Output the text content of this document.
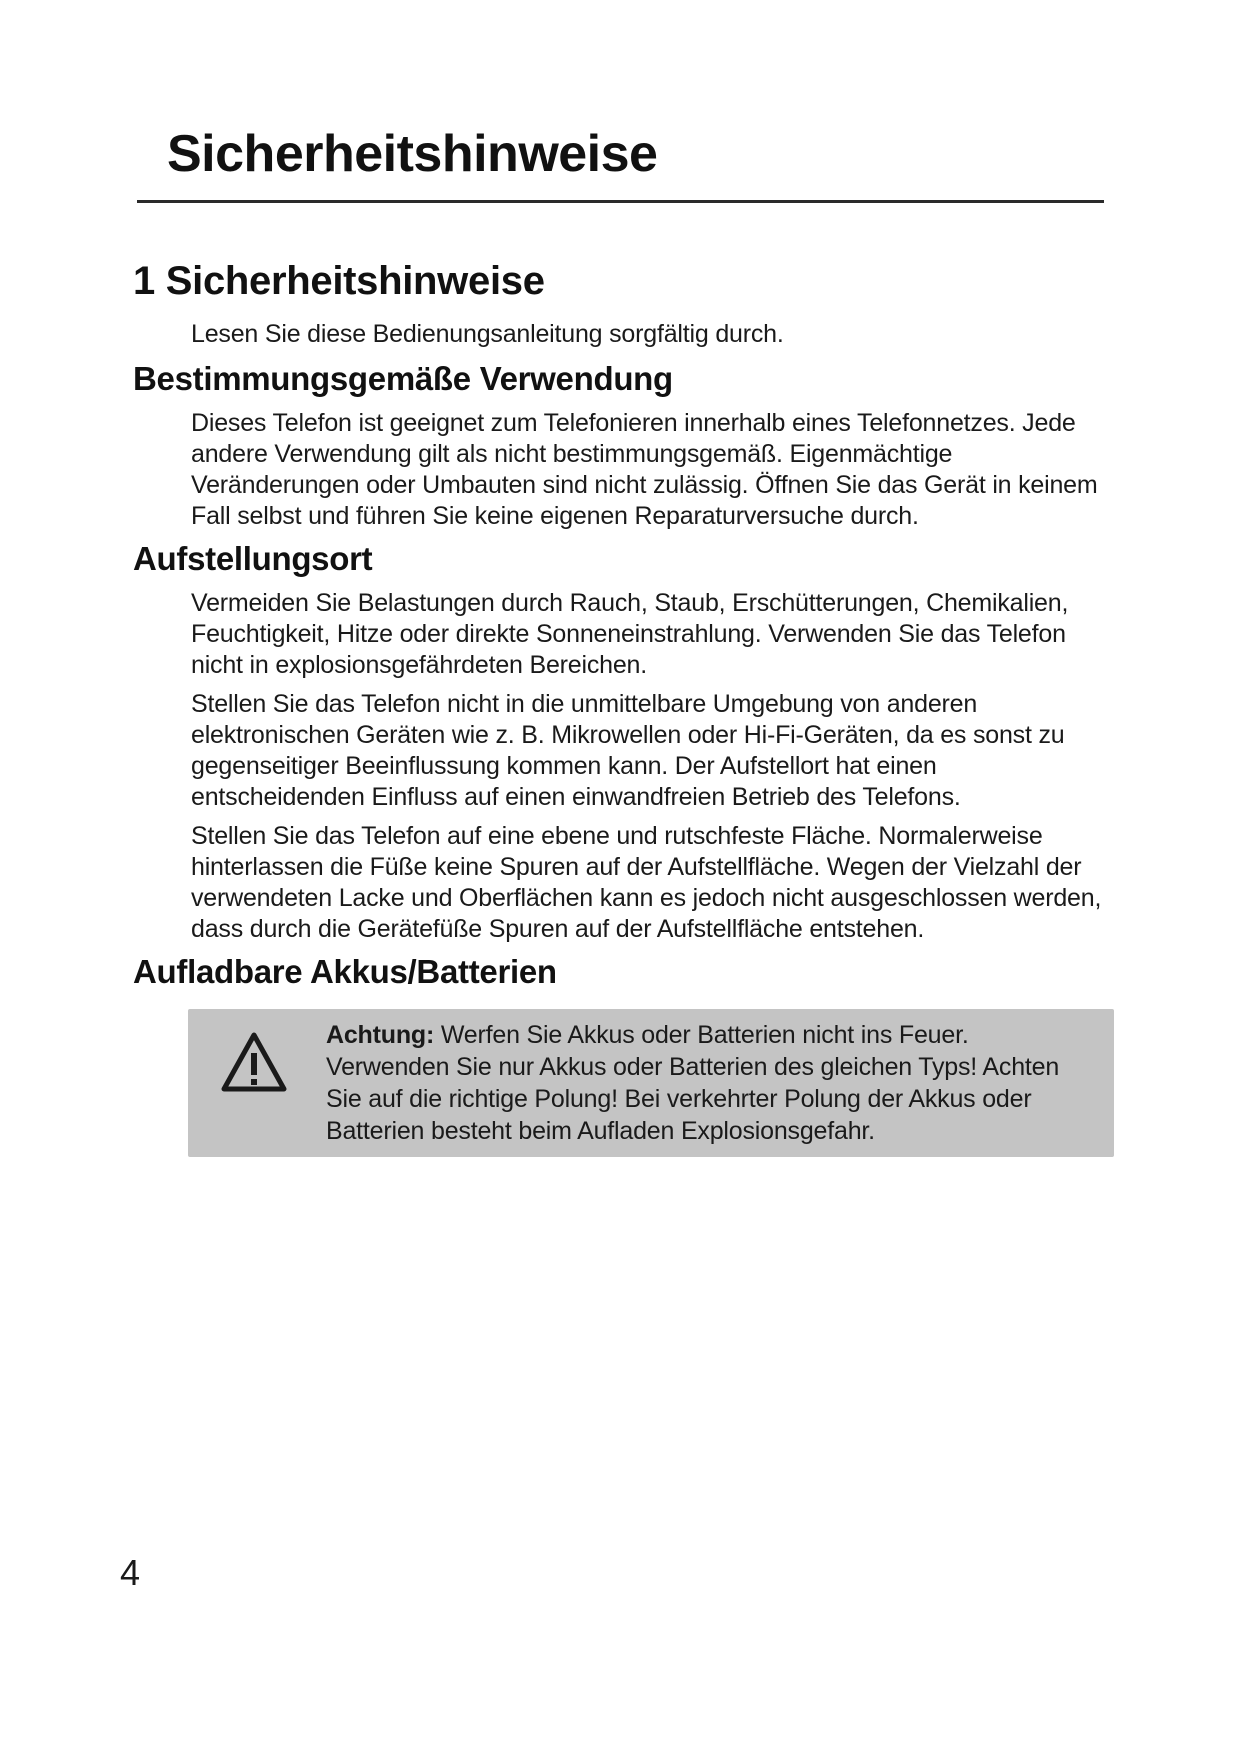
Sicherheitshinweise
1 Sicherheitshinweise

Lesen Sie diese Bedienungsanleitung sorgfältig durch.

Bestimmungsgemäße Verwendung

Dieses Telefon ist geeignet zum Telefonieren innerhalb eines Telefonnetzes. Jede andere Verwendung gilt als nicht bestimmungsgemäß. Eigenmächtige Veränderungen oder Umbauten sind nicht zulässig. Öffnen Sie das Gerät in keinem Fall selbst und führen Sie keine eigenen Reparaturversuche durch.

Aufstellungsort

Vermeiden Sie Belastungen durch Rauch, Staub, Erschütterungen, Chemikalien, Feuchtigkeit, Hitze oder direkte Sonneneinstrahlung. Verwenden Sie das Telefon nicht in explosionsgefährdeten Bereichen.

Stellen Sie das Telefon nicht in die unmittelbare Umgebung von anderen elektronischen Geräten wie z. B. Mikrowellen oder Hi-Fi-Geräten, da es sonst zu gegenseitiger Beeinflussung kommen kann. Der Aufstellort hat einen entscheidenden Einfluss auf einen einwandfreien Betrieb des Telefons.

Stellen Sie das Telefon auf eine ebene und rutschfeste Fläche. Normalerweise hinterlassen die Füße keine Spuren auf der Aufstellfläche. Wegen der Vielzahl der verwendeten Lacke und Oberflächen kann es jedoch nicht ausgeschlossen werden, dass durch die Gerätefüße Spuren auf der Aufstellfläche entstehen.

Aufladbare Akkus/Batterien
Achtung: Werfen Sie Akkus oder Batterien nicht ins Feuer. Verwenden Sie nur Akkus oder Batterien des gleichen Typs! Achten Sie auf die richtige Polung! Bei verkehrter Polung der Akkus oder Batterien besteht beim Aufladen Explosionsgefahr.
4
